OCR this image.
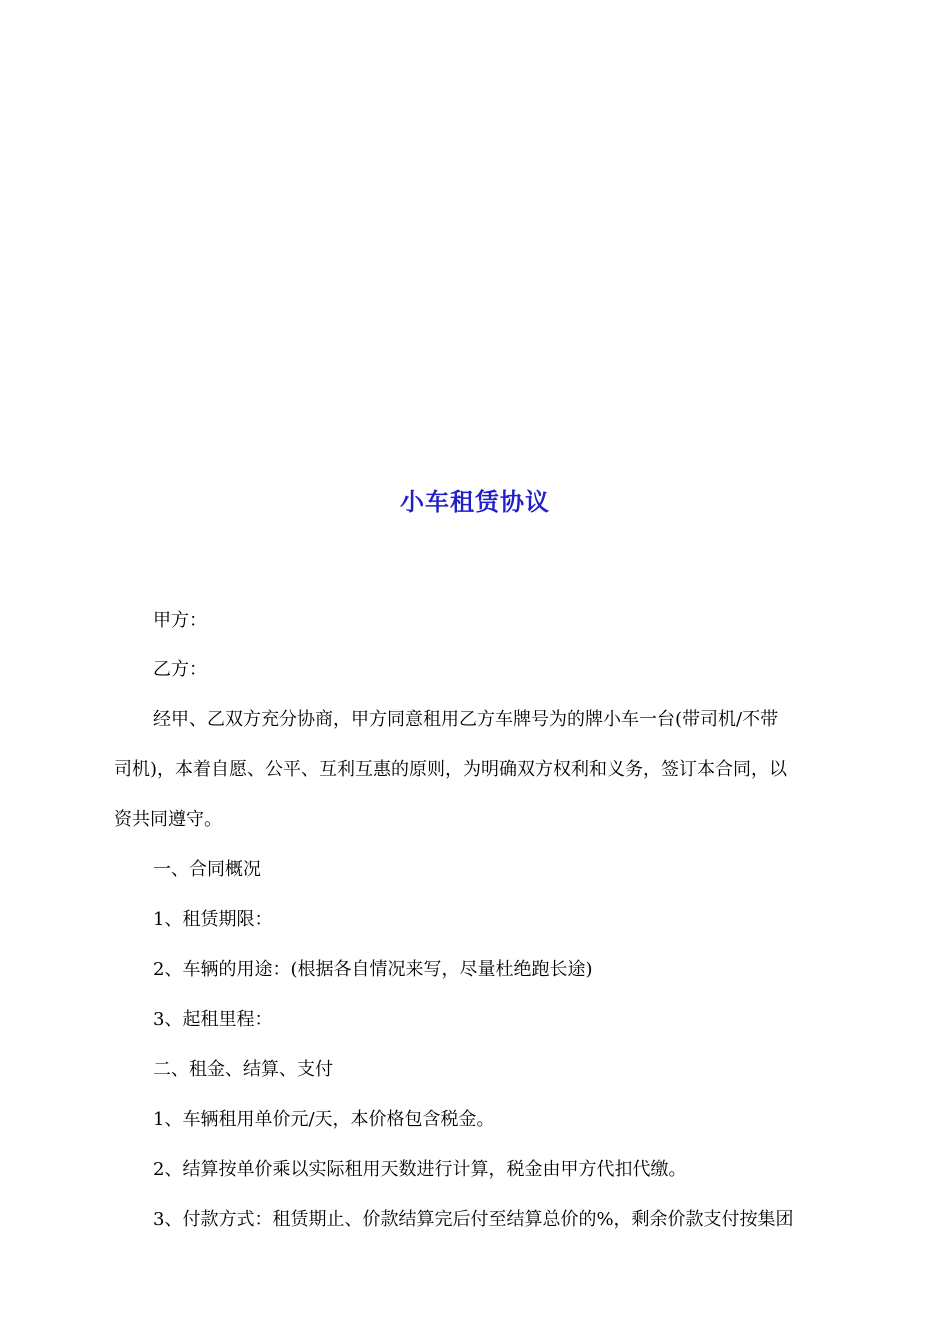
小车租赁协议
甲方：
乙方：
经甲、乙双方充分协商，甲方同意租用乙方车牌号为的牌小车一台(带司机/不带
司机)，本着自愿、公平、互利互惠的原则，为明确双方权利和义务，签订本合同，以
资共同遵守。
一、合同概况
1、租赁期限：
2、车辆的用途：(根据各自情况来写，尽量杜绝跑长途)
3、起租里程：
二、租金、结算、支付
1、车辆租用单价元/天，本价格包含税金。
2、结算按单价乘以实际租用天数进行计算，税金由甲方代扣代缴。
3、付款方式：租赁期止、价款结算完后付至结算总价的%，剩余价款支付按集团
